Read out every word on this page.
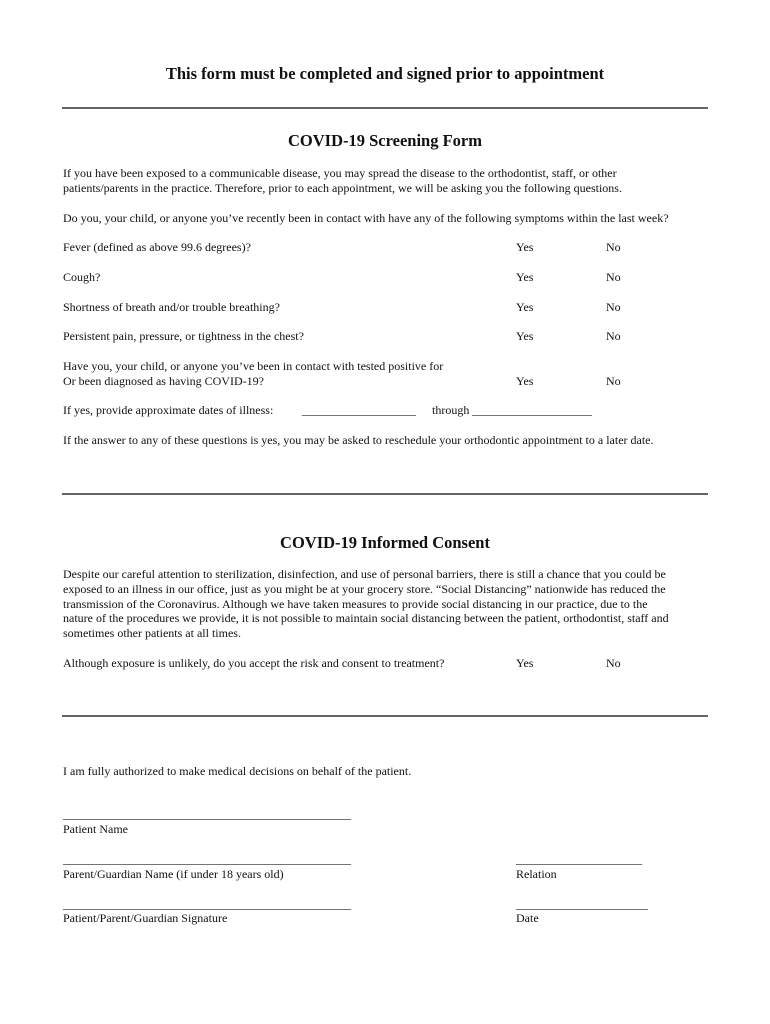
This form must be completed and signed prior to appointment
COVID-19 Screening Form
If you have been exposed to a communicable disease, you may spread the disease to the orthodontist, staff, or other
patients/parents in the practice. Therefore, prior to each appointment, we will be asking you the following questions.
Do you, your child, or anyone you’ve recently been in contact with have any of the following symptoms within the last week?
Fever (defined as above 99.6 degrees)?	Yes	No
Cough?	Yes	No
Shortness of breath and/or trouble breathing?	Yes	No
Persistent pain, pressure, or tightness in the chest?	Yes	No
Have you, your child, or anyone you’ve been in contact with tested positive for
Or been diagnosed as having COVID-19?	Yes	No
If yes, provide approximate dates of illness: ___________________ through ____________________
If the answer to any of these questions is yes, you may be asked to reschedule your orthodontic appointment to a later date.
COVID-19 Informed Consent
Despite our careful attention to sterilization, disinfection, and use of personal barriers, there is still a chance that you could be
exposed to an illness in our office, just as you might be at your grocery store. “Social Distancing” nationwide has reduced the
transmission of the Coronavirus. Although we have taken measures to provide social distancing in our practice, due to the
nature of the procedures we provide, it is not possible to maintain social distancing between the patient, orthodontist, staff and
sometimes other patients at all times.
Although exposure is unlikely, do you accept the risk and consent to treatment?	Yes	No
I am fully authorized to make medical decisions on behalf of the patient.
________________________________________________
Patient Name
________________________________________________
Parent/Guardian Name (if under 18 years old)
_____________________
Relation
________________________________________________
Patient/Parent/Guardian Signature
______________________
Date
